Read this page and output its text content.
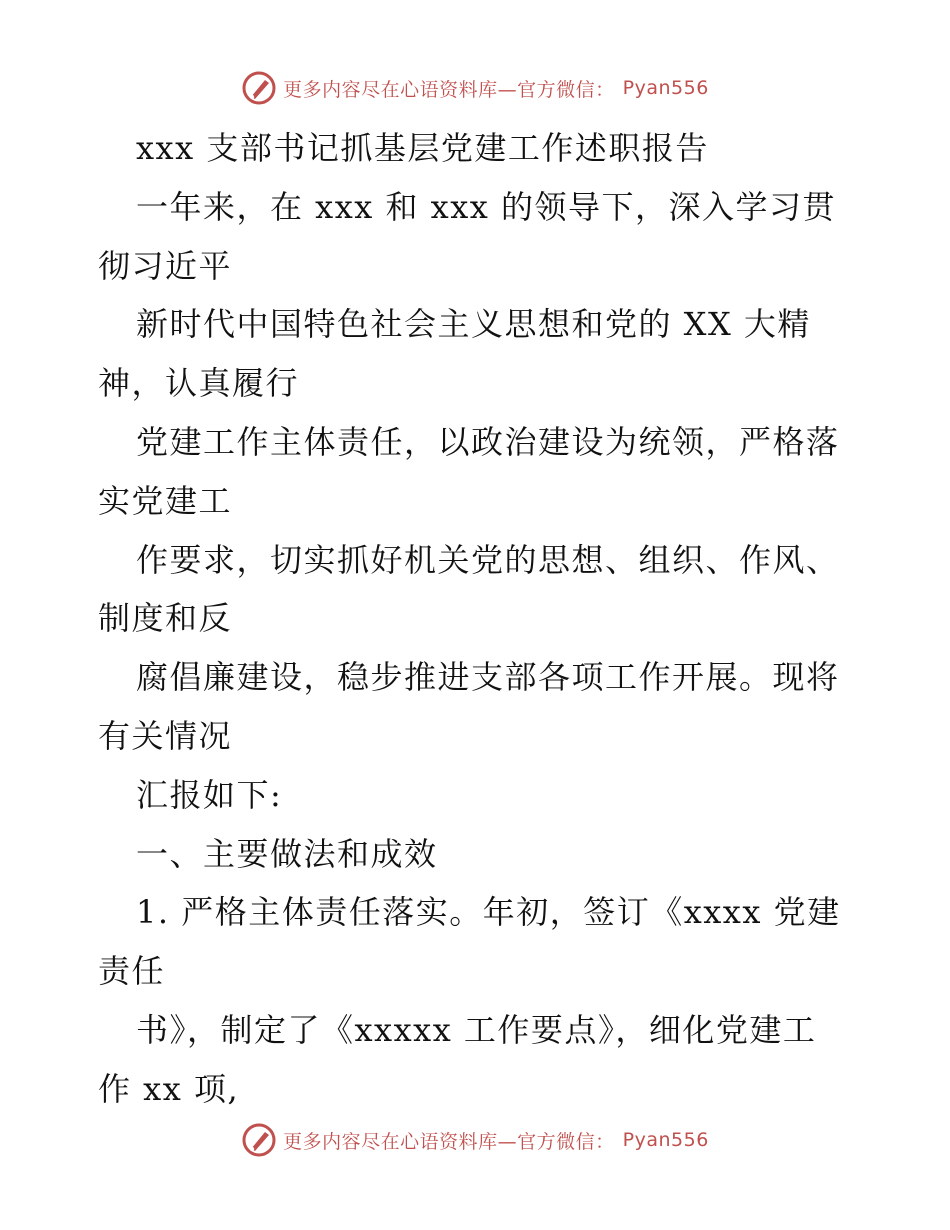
更多内容尽在心语资料库—官方微信： Pyan556
xxx 支部书记抓基层党建工作述职报告
一年来，在 xxx 和 xxx 的领导下，深入学习贯
彻习近平
新时代中国特色社会主义思想和党的 XX 大精
神，认真履行
党建工作主体责任，以政治建设为统领，严格落
实党建工
作要求，切实抓好机关党的思想、组织、作风、
制度和反
腐倡廉建设，稳步推进支部各项工作开展。现将
有关情况
汇报如下:
一、主要做法和成效
1. 严格主体责任落实。年初，签订《xxxx 党建
责任
书》，制定了《xxxxx 工作要点》，细化党建工
作 xx 项,
更多内容尽在心语资料库—官方微信： Pyan556
